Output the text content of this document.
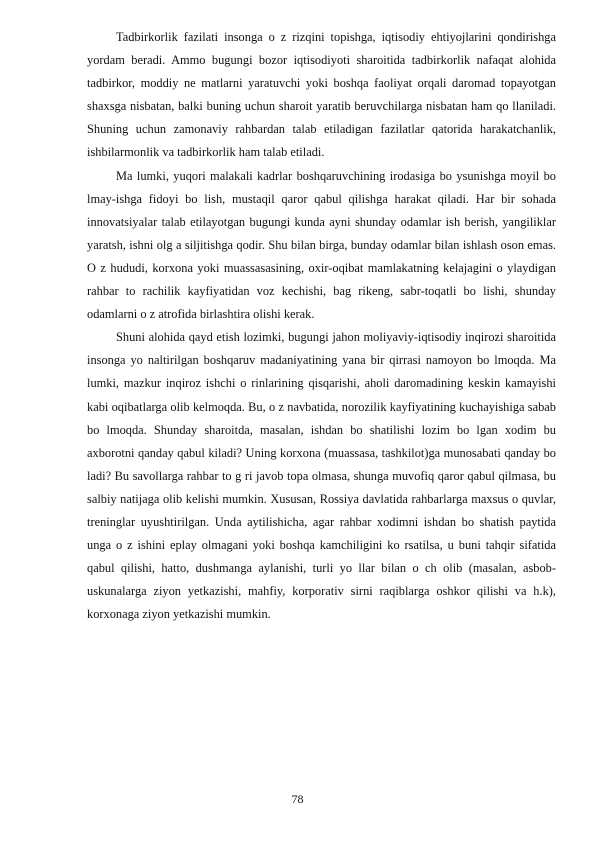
Tadbirkorlik fazilati insonga o z rizqini topishga, iqtisodiy ehtiyojlarini qondirishga yordam beradi. Ammo bugungi bozor iqtisodiyoti sharoitida tadbirkorlik nafaqat alohida tadbirkor, moddiy ne matlarni yaratuvchi yoki boshqa faoliyat orqali daromad topayotgan shaxsga nisbatan, balki buning uchun sharoit yaratib beruvchilarga nisbatan ham qo llaniladi. Shuning uchun zamonaviy rahbardan talab etiladigan fazilatlar qatorida harakatchanlik, ishbilarmonlik va tadbirkorlik ham talab etiladi.

Ma lumki, yuqori malakali kadrlar boshqaruvchining irodasiga bo ysunishga moyil bo lmay-ishga fidoyi bo lish, mustaqil qaror qabul qilishga harakat qiladi. Har bir sohada innovatsiyalar talab etilayotgan bugungi kunda ayni shunday odamlar ish berish, yangiliklar yaratsh, ishni olg a siljitishga qodir. Shu bilan birga, bunday odamlar bilan ishlash oson emas. O z hududi, korxona yoki muassasasining, oxir-oqibat mamlakatning kelajagini o ylaydigan rahbar to rachilik kayfiyatidan voz kechishi, bag rikeng, sabr-toqatli bo lishi, shunday odamlarni o z atrofida birlashtira olishi kerak.

Shuni alohida qayd etish lozimki, bugungi jahon moliyaviy-iqtisodiy inqirozi sharoitida insonga yo naltirilgan boshqaruv madaniyatining yana bir qirrasi namoyon bo lmoqda. Ma lumki, mazkur inqiroz ishchi o rinlarining qisqarishi, aholi daromadining keskin kamayishi kabi oqibatlarga olib kelmoqda. Bu, o z navbatida, norozilik kayfiyatining kuchayishiga sabab bo lmoqda. Shunday sharoitda, masalan, ishdan bo shatilishi lozim bo lgan xodim bu axborotni qanday qabul kiladi? Uning korxona (muassasa, tashkilot)ga munosabati qanday bo ladi? Bu savollarga rahbar to g ri javob topa olmasa, shunga muvofiq qaror qabul qilmasa, bu salbiy natijaga olib kelishi mumkin. Xususan, Rossiya davlatida rahbarlarga maxsus o quvlar, treninglar uyushtirilgan. Unda aytilishicha, agar rahbar xodimni ishdan bo shatish paytida unga o z ishini eplay olmagani yoki boshqa kamchiligini ko rsatilsa, u buni tahqir sifatida qabul qilishi, hatto, dushmanga aylanishi, turli yo llar bilan o ch olib (masalan, asbob-uskunalarga ziyon yetkazishi, mahfiy, korporativ sirni raqiblarga oshkor qilishi va h.k), korxonaga ziyon yetkazishi mumkin.

78
